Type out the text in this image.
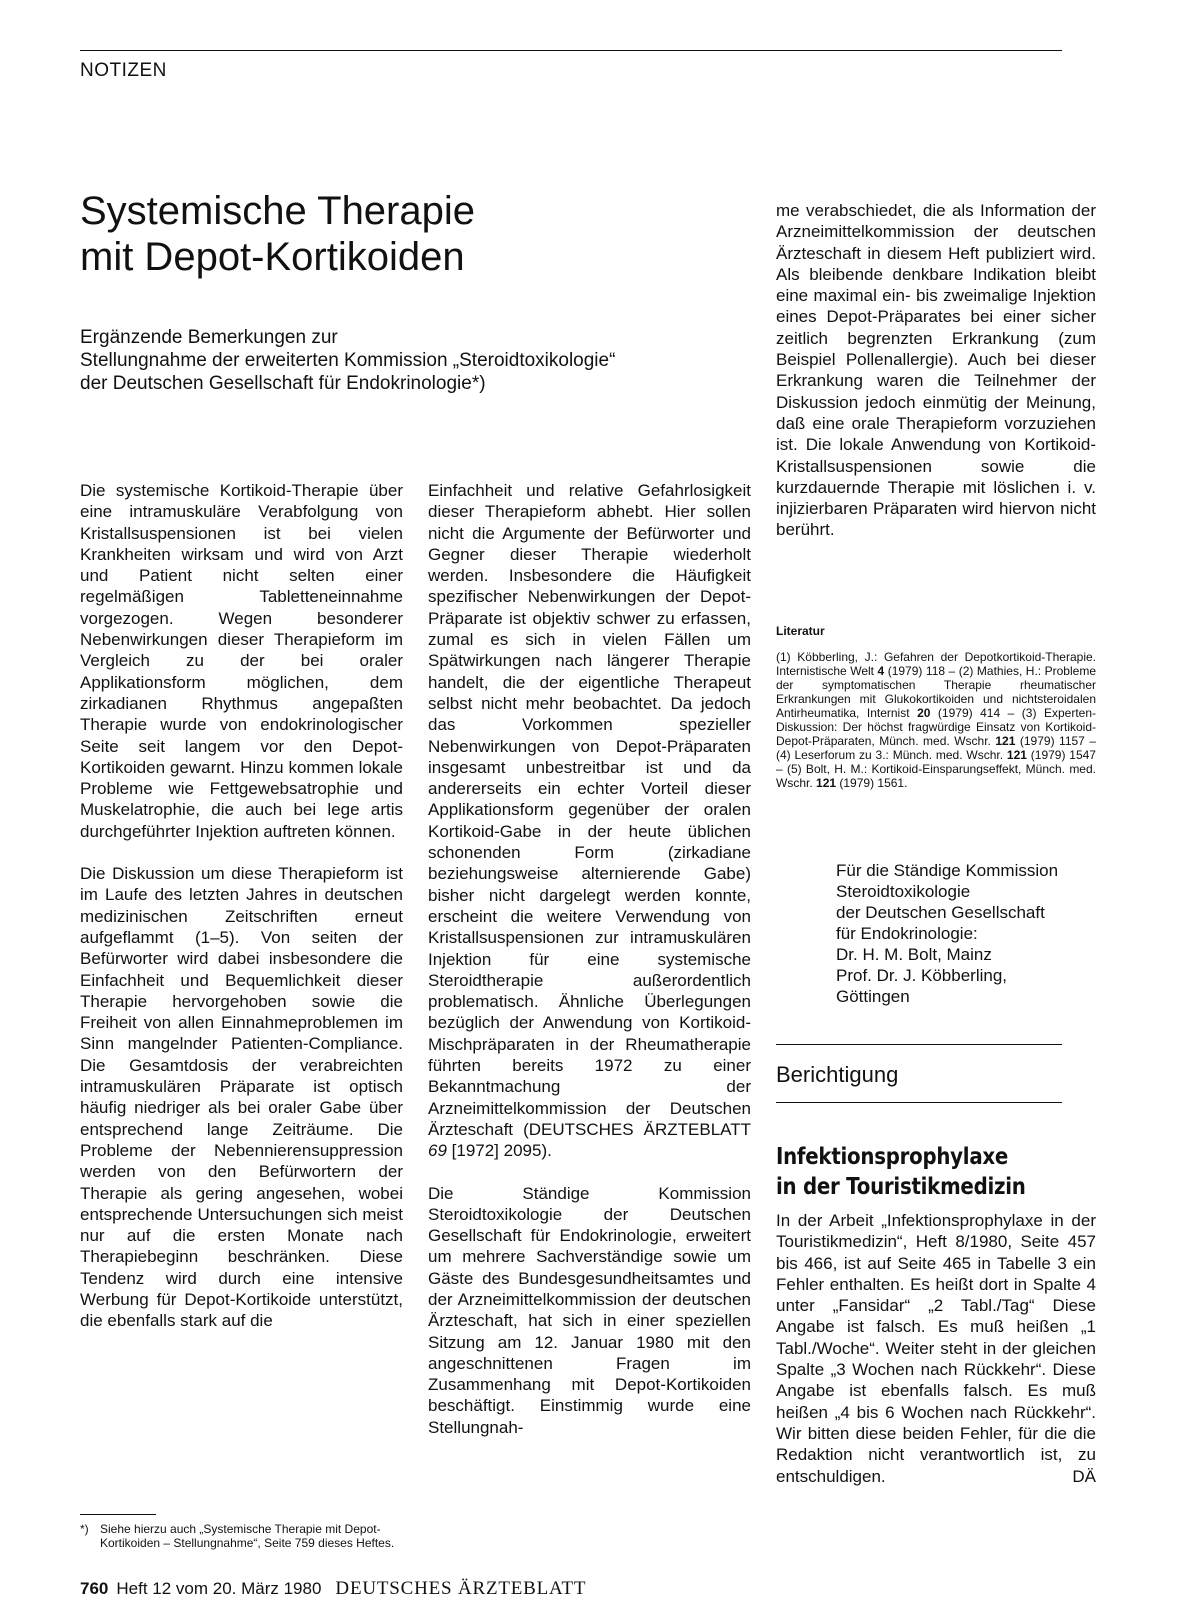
NOTIZEN
Systemische Therapie
mit Depot-Kortikoiden

Ergänzende Bemerkungen zur
Stellungnahme der erweiterten Kommission „Steroidtoxikologie“
der Deutschen Gesellschaft für Endokrinologie*)

Die systemische Kortikoid-Therapie über eine intramuskuläre Verabfolgung von Kristallsuspensionen ist bei vielen Krankheiten wirksam und wird von Arzt und Patient nicht selten einer regelmäßigen Tabletteneinnahme vorgezogen. Wegen besonderer Nebenwirkungen dieser Therapieform im Vergleich zu der bei oraler Applikationsform möglichen, dem zirkadianen Rhythmus angepaßten Therapie wurde von endokrinologischer Seite seit langem vor den Depot-Kortikoiden gewarnt. Hinzu kommen lokale Probleme wie Fettgewebsatrophie und Muskelatrophie, die auch bei lege artis durchgeführter Injektion auftreten können.

Die Diskussion um diese Therapieform ist im Laufe des letzten Jahres in deutschen medizinischen Zeitschriften erneut aufgeflammt (1–5). Von seiten der Befürworter wird dabei insbesondere die Einfachheit und Bequemlichkeit dieser Therapie hervorgehoben sowie die Freiheit von allen Einnahmeproblemen im Sinn mangelnder Patienten-Compliance. Die Gesamtdosis der verabreichten intramuskulären Präparate ist optisch häufig niedriger als bei oraler Gabe über entsprechend lange Zeiträume. Die Probleme der Nebennierensuppression werden von den Befürwortern der Therapie als gering angesehen, wobei entsprechende Untersuchungen sich meist nur auf die ersten Monate nach Therapiebeginn beschränken. Diese Tendenz wird durch eine intensive Werbung für Depot-Kortikoide unterstützt, die ebenfalls stark auf die

Einfachheit und relative Gefahrlosigkeit dieser Therapieform abhebt. Hier sollen nicht die Argumente der Befürworter und Gegner dieser Therapie wiederholt werden. Insbesondere die Häufigkeit spezifischer Nebenwirkungen der Depot-Präparate ist objektiv schwer zu erfassen, zumal es sich in vielen Fällen um Spätwirkungen nach längerer Therapie handelt, die der eigentliche Therapeut selbst nicht mehr beobachtet. Da jedoch das Vorkommen spezieller Nebenwirkungen von Depot-Präparaten insgesamt unbestreitbar ist und da andererseits ein echter Vorteil dieser Applikationsform gegenüber der oralen Kortikoid-Gabe in der heute üblichen schonenden Form (zirkadiane beziehungsweise alternierende Gabe) bisher nicht dargelegt werden konnte, erscheint die weitere Verwendung von Kristallsuspensionen zur intramuskulären Injektion für eine systemische Steroidtherapie außerordentlich problematisch. Ähnliche Überlegungen bezüglich der Anwendung von Kortikoid-Mischpräparaten in der Rheumatherapie führten bereits 1972 zu einer Bekanntmachung der Arzneimittelkommission der Deutschen Ärzteschaft (DEUTSCHES ÄRZTEBLATT 69 [1972] 2095).

Die Ständige Kommission Steroidtoxikologie der Deutschen Gesellschaft für Endokrinologie, erweitert um mehrere Sachverständige sowie um Gäste des Bundesgesundheitsamtes und der Arzneimittelkommission der deutschen Ärzteschaft, hat sich in einer speziellen Sitzung am 12. Januar 1980 mit den angeschnittenen Fragen im Zusammenhang mit Depot-Kortikoiden beschäftigt. Einstimmig wurde eine Stellungnah-

me verabschiedet, die als Information der Arzneimittelkommission der deutschen Ärzteschaft in diesem Heft publiziert wird. Als bleibende denkbare Indikation bleibt eine maximal ein- bis zweimalige Injektion eines Depot-Präparates bei einer sicher zeitlich begrenzten Erkrankung (zum Beispiel Pollenallergie). Auch bei dieser Erkrankung waren die Teilnehmer der Diskussion jedoch einmütig der Meinung, daß eine orale Therapieform vorzuziehen ist. Die lokale Anwendung von Kortikoid-Kristallsuspensionen sowie die kurzdauernde Therapie mit löslichen i. v. injizierbaren Präparaten wird hiervon nicht berührt.

Literatur

(1) Köbberling, J.: Gefahren der Depotkortikoid-Therapie. Internistische Welt 4 (1979) 118 – (2) Mathies, H.: Probleme der symptomatischen Therapie rheumatischer Erkrankungen mit Glukokortikoiden und nichtsteroidalen Antirheumatika, Internist 20 (1979) 414 – (3) Experten-Diskussion: Der höchst fragwürdige Einsatz von Kortikoid-Depot-Präparaten, Münch. med. Wschr. 121 (1979) 1157 – (4) Leserforum zu 3.: Münch. med. Wschr. 121 (1979) 1547 – (5) Bolt, H. M.: Kortikoid-Einsparungseffekt, Münch. med. Wschr. 121 (1979) 1561.

Für die Ständige Kommission
Steroidtoxikologie
der Deutschen Gesellschaft
für Endokrinologie:
Dr. H. M. Bolt, Mainz
Prof. Dr. J. Köbberling,
Göttingen

Berichtigung
Infektionsprophylaxe
in der Touristikmedizin

In der Arbeit „Infektionsprophylaxe in der Touristikmedizin“, Heft 8/1980, Seite 457 bis 466, ist auf Seite 465 in Tabelle 3 ein Fehler enthalten. Es heißt dort in Spalte 4 unter „Fansidar“ „2 Tabl./Tag“ Diese Angabe ist falsch. Es muß heißen „1 Tabl./Woche“. Weiter steht in der gleichen Spalte „3 Wochen nach Rückkehr“. Diese Angabe ist ebenfalls falsch. Es muß heißen „4 bis 6 Wochen nach Rückkehr“. Wir bitten diese beiden Fehler, für die die Redaktion nicht verantwortlich ist, zu entschuldigen.	DÄ

*) Siehe hierzu auch „Systemische Therapie mit Depot-Kortikoiden – Stellungnahme“, Seite 759 dieses Heftes.
760 Heft 12 vom 20. März 1980 DEUTSCHES ÄRZTEBLATT
